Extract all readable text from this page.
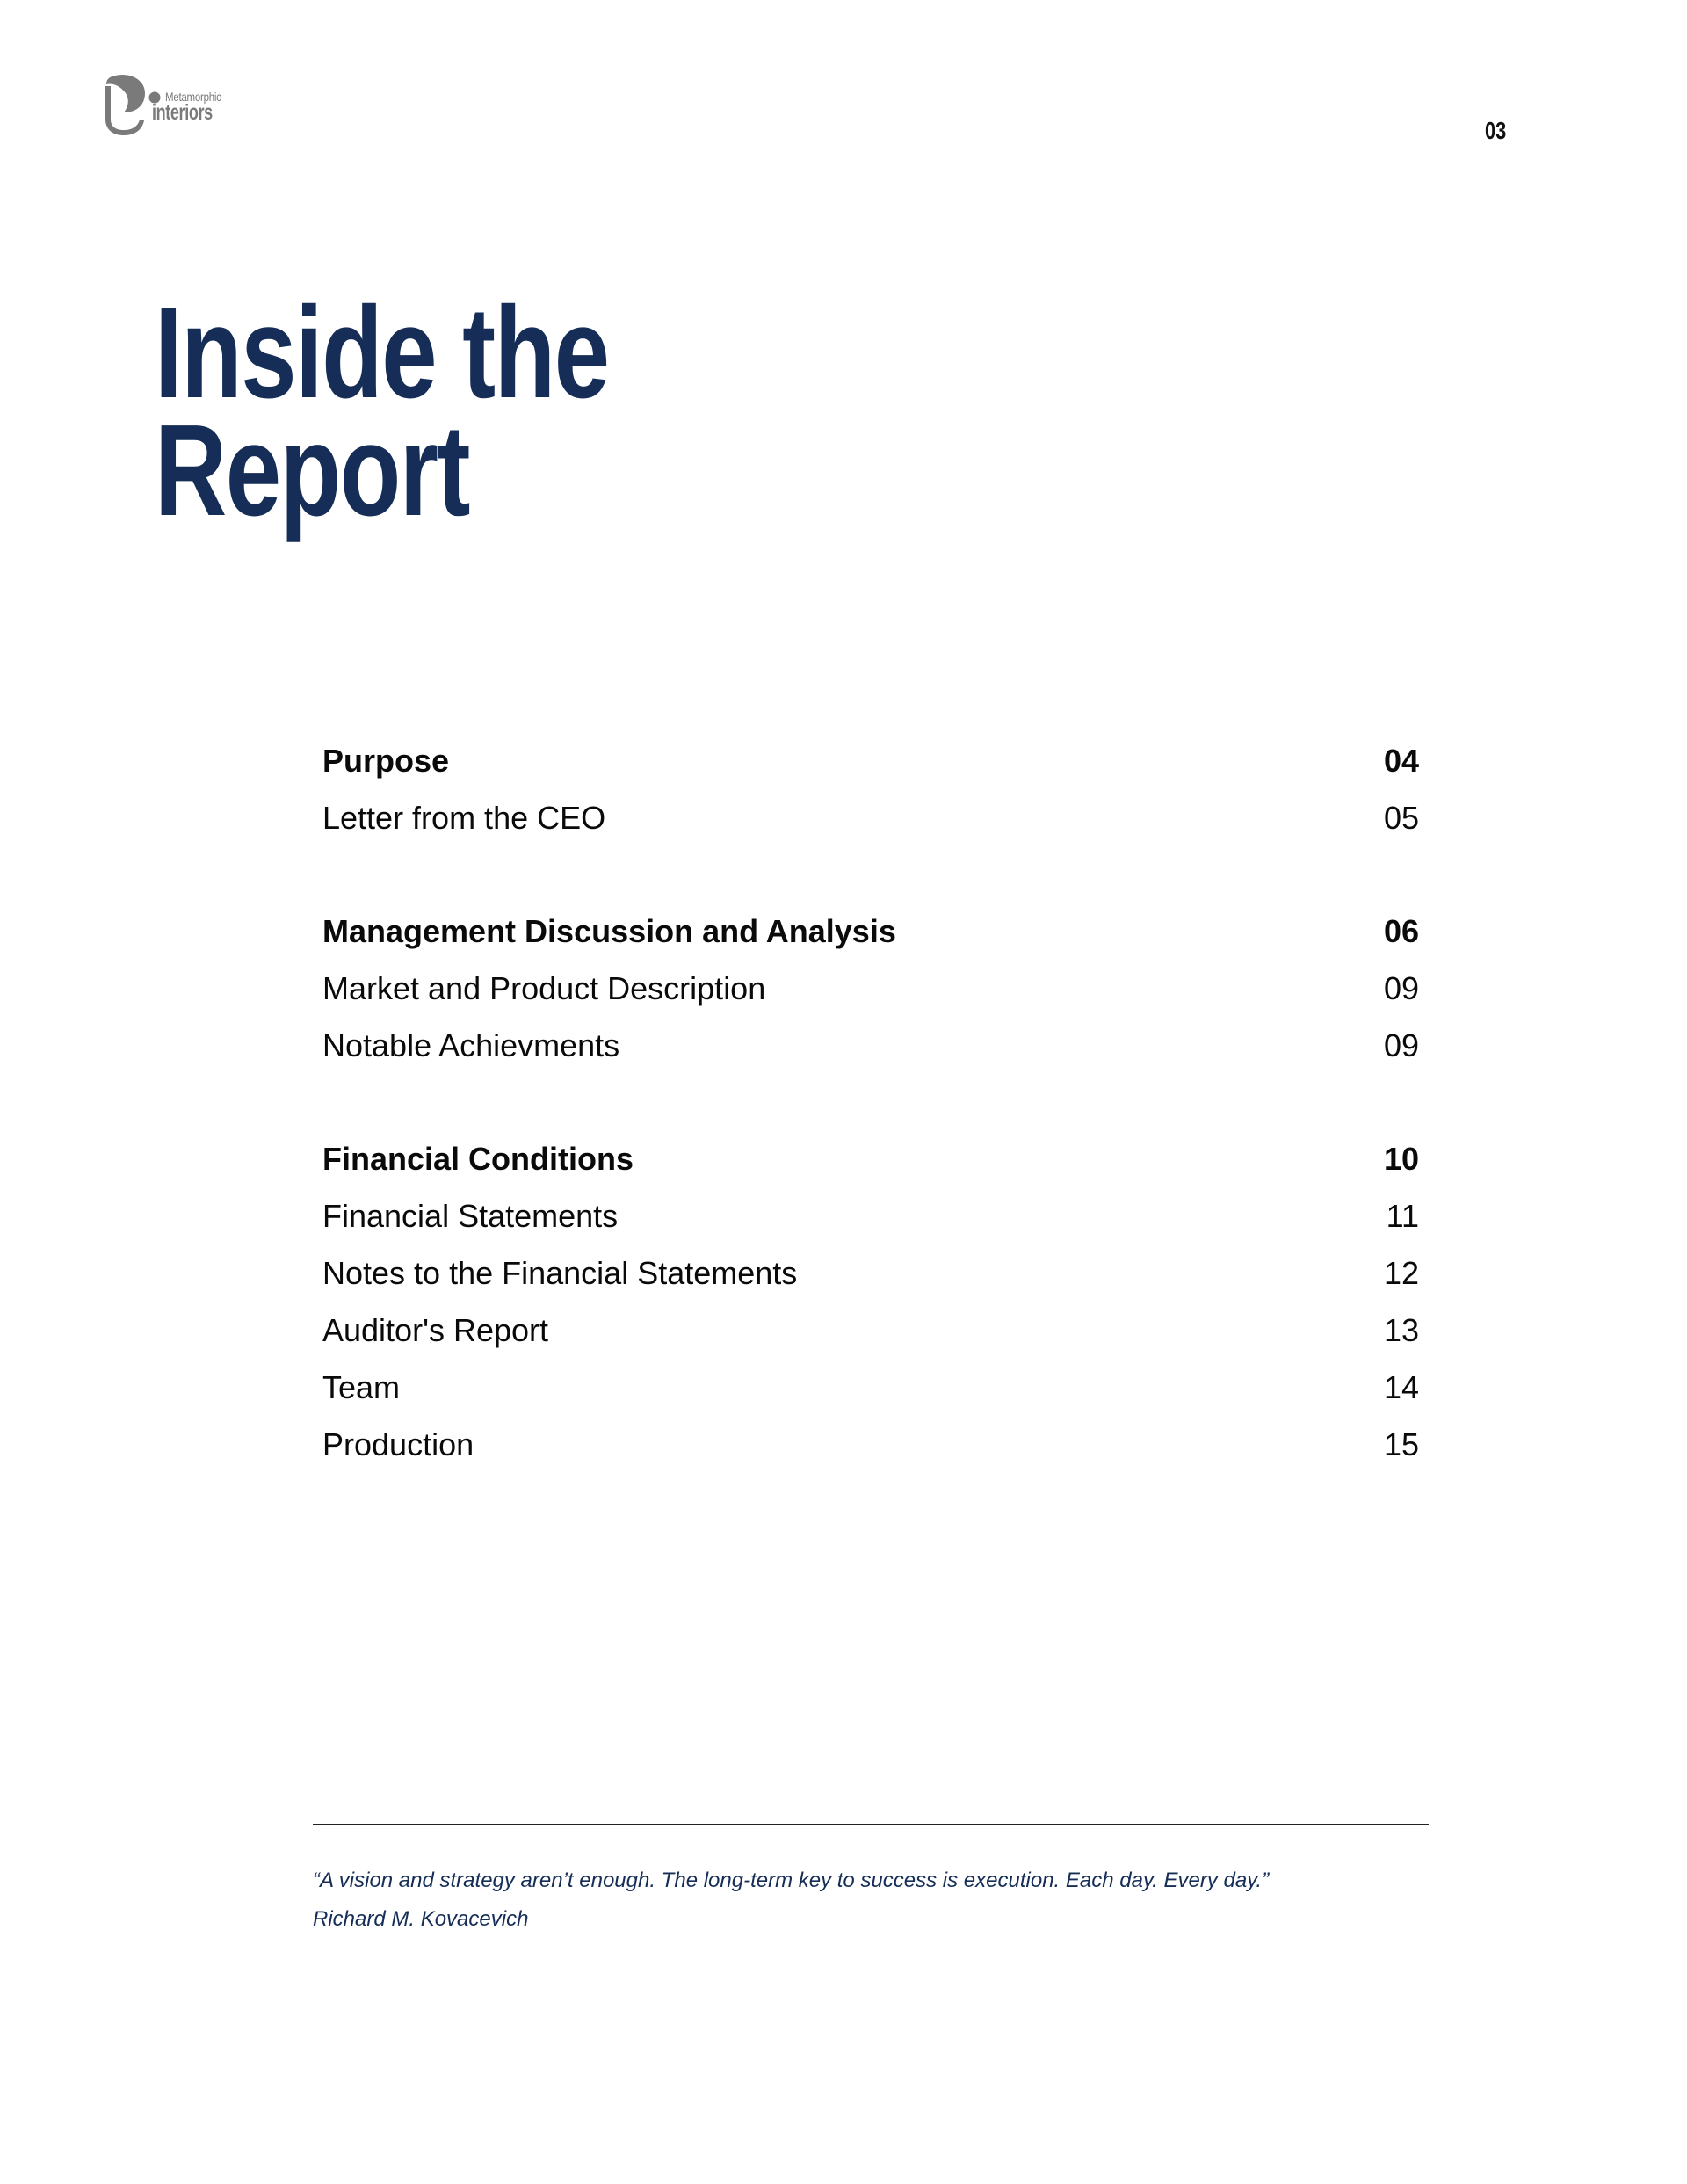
Metamorphic
interiors
03
Inside the
Report
Purpose	04
Letter from the CEO	05
Management Discussion and Analysis	06
Market and Product Description	09
Notable Achievments	09
Financial Conditions	10
Financial Statements	11
Notes to the Financial Statements	12
Auditor's Report	13
Team	14
Production	15
“A vision and strategy aren’t enough. The long-term key to success is execution. Each day. Every day.”
Richard M. Kovacevich
